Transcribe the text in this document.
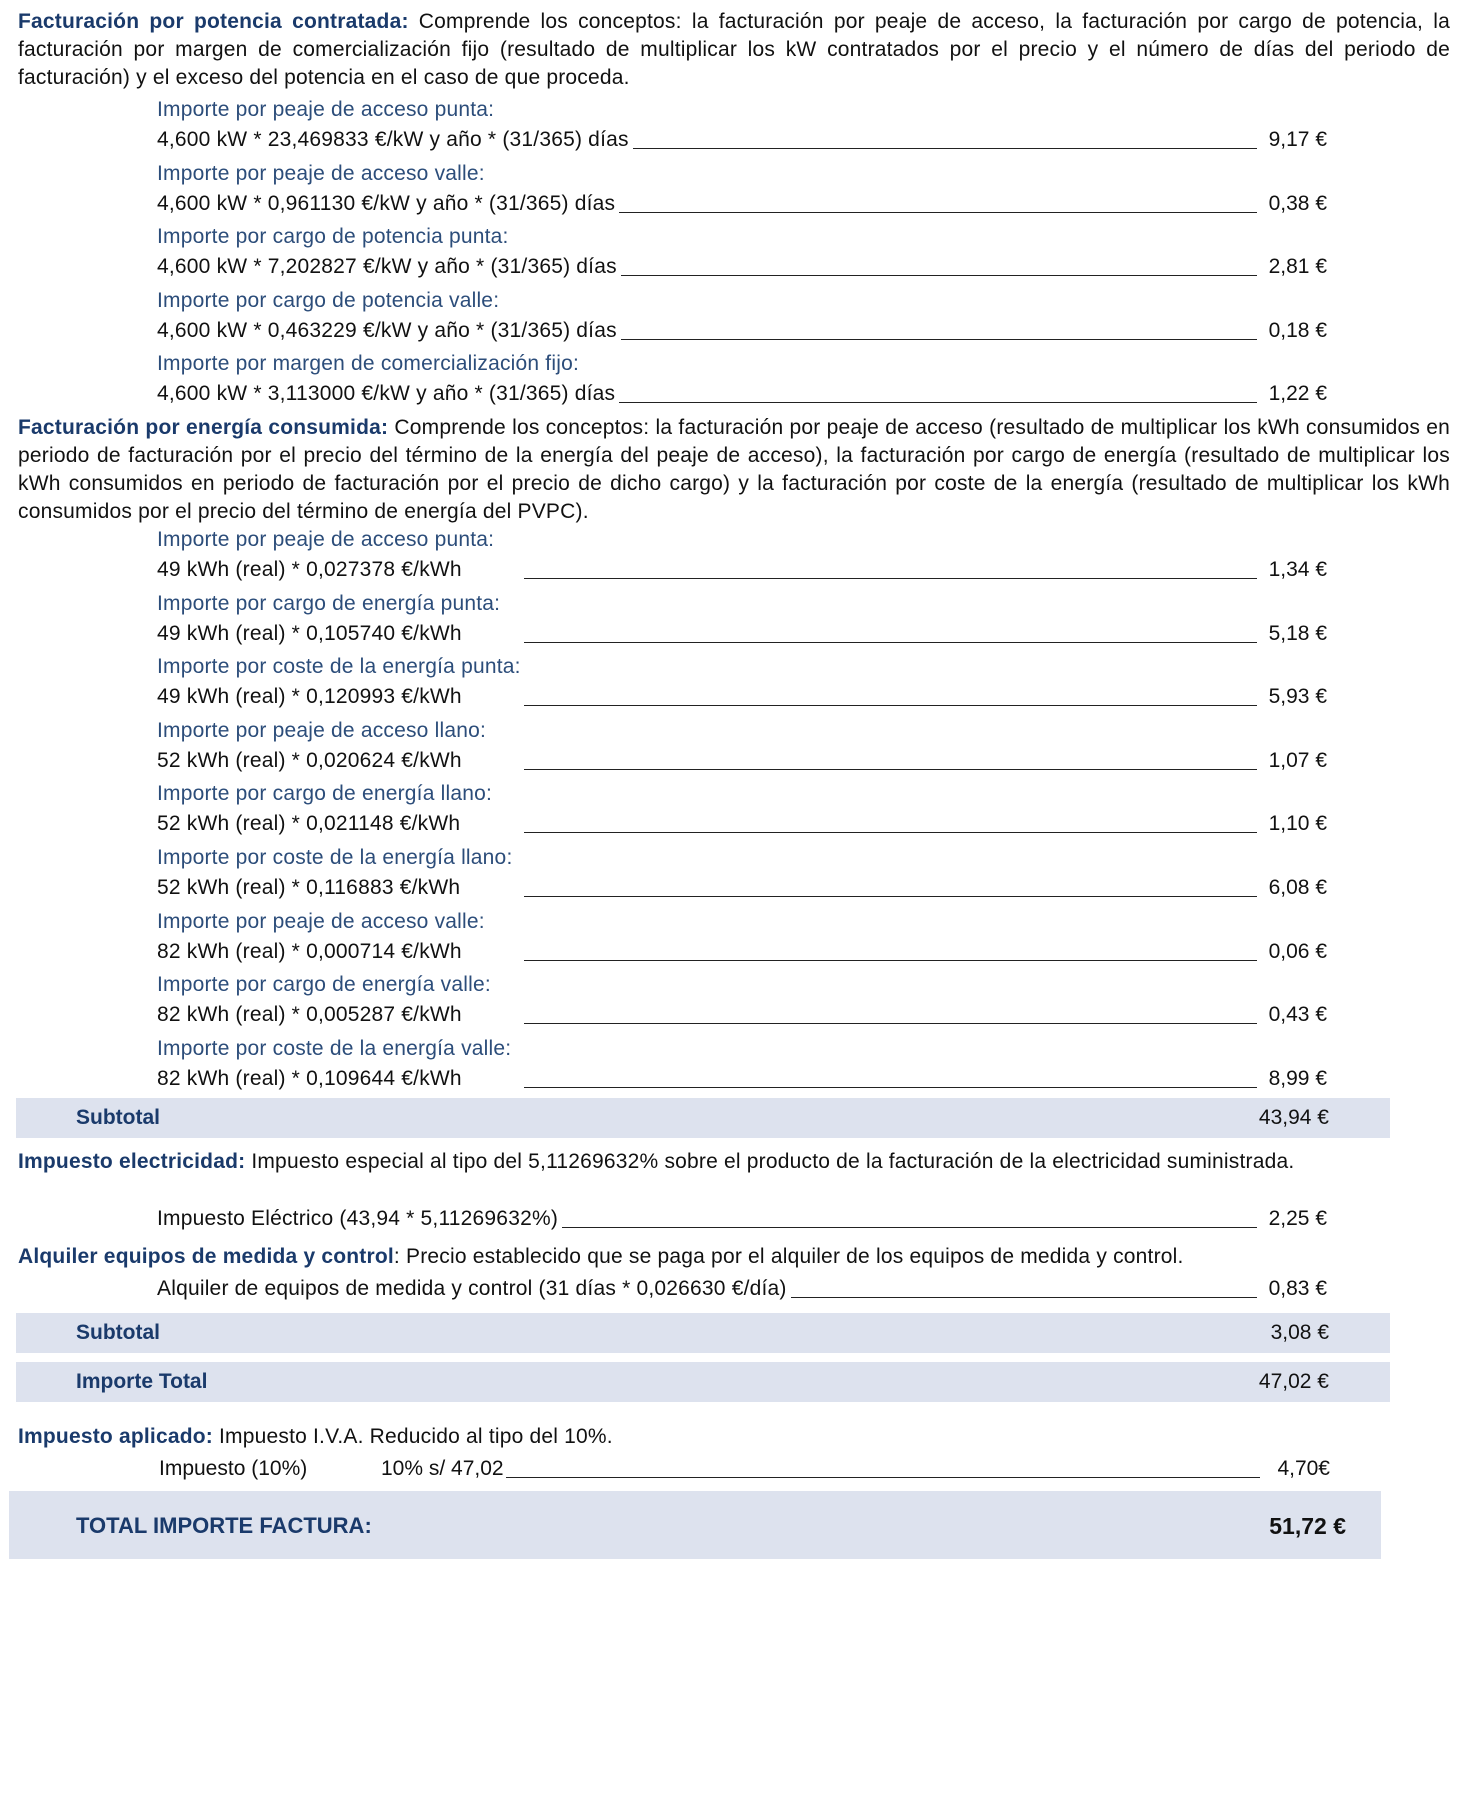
Facturación por potencia contratada: Comprende los conceptos: la facturación por peaje de acceso, la facturación por cargo de potencia, la facturación por margen de comercialización fijo (resultado de multiplicar los kW contratados por el precio y el número de días del periodo de facturación) y el exceso del potencia en el caso de que proceda.
Importe por peaje de acceso punta:
4,600 kW * 23,469833 €/kW y año * (31/365) días	9,17 €
Importe por peaje de acceso valle:
4,600 kW * 0,961130 €/kW y año * (31/365) días	0,38 €
Importe por cargo de potencia punta:
4,600 kW * 7,202827 €/kW y año * (31/365) días	2,81 €
Importe por cargo de potencia valle:
4,600 kW * 0,463229 €/kW y año * (31/365) días	0,18 €
Importe por margen de comercialización fijo:
4,600 kW * 3,113000 €/kW y año * (31/365) días	1,22 €
Facturación por energía consumida: Comprende los conceptos: la facturación por peaje de acceso (resultado de multiplicar los kWh consumidos en periodo de facturación por el precio del término de la energía del peaje de acceso), la facturación por cargo de energía (resultado de multiplicar los kWh consumidos en periodo de facturación por el precio de dicho cargo) y la facturación por coste de la energía (resultado de multiplicar los kWh consumidos por el precio del término de energía del PVPC).
Importe por peaje de acceso punta:
49 kWh (real) * 0,027378 €/kWh	1,34 €
Importe por cargo de energía punta:
49 kWh (real) * 0,105740 €/kWh	5,18 €
Importe por coste de la energía punta:
49 kWh (real) * 0,120993 €/kWh	5,93 €
Importe por peaje de acceso llano:
52 kWh (real) * 0,020624 €/kWh	1,07 €
Importe por cargo de energía llano:
52 kWh (real) * 0,021148 €/kWh	1,10 €
Importe por coste de la energía llano:
52 kWh (real) * 0,116883 €/kWh	6,08 €
Importe por peaje de acceso valle:
82 kWh (real) * 0,000714 €/kWh	0,06 €
Importe por cargo de energía valle:
82 kWh (real) * 0,005287 €/kWh	0,43 €
Importe por coste de la energía valle:
82 kWh (real) * 0,109644 €/kWh	8,99 €
Subtotal	43,94 €
Impuesto electricidad: Impuesto especial al tipo del 5,11269632% sobre el producto de la facturación de la electricidad suministrada.
Impuesto Eléctrico (43,94 * 5,11269632%)	2,25 €
Alquiler equipos de medida y control: Precio establecido que se paga por el alquiler de los equipos de medida y control.
Alquiler de equipos de medida y control (31 días * 0,026630 €/día)	0,83 €
Subtotal	3,08 €
Importe Total	47,02 €
Impuesto aplicado: Impuesto I.V.A. Reducido al tipo del 10%.
Impuesto (10%)	10% s/ 47,02	4,70€
TOTAL IMPORTE FACTURA:	51,72 €
